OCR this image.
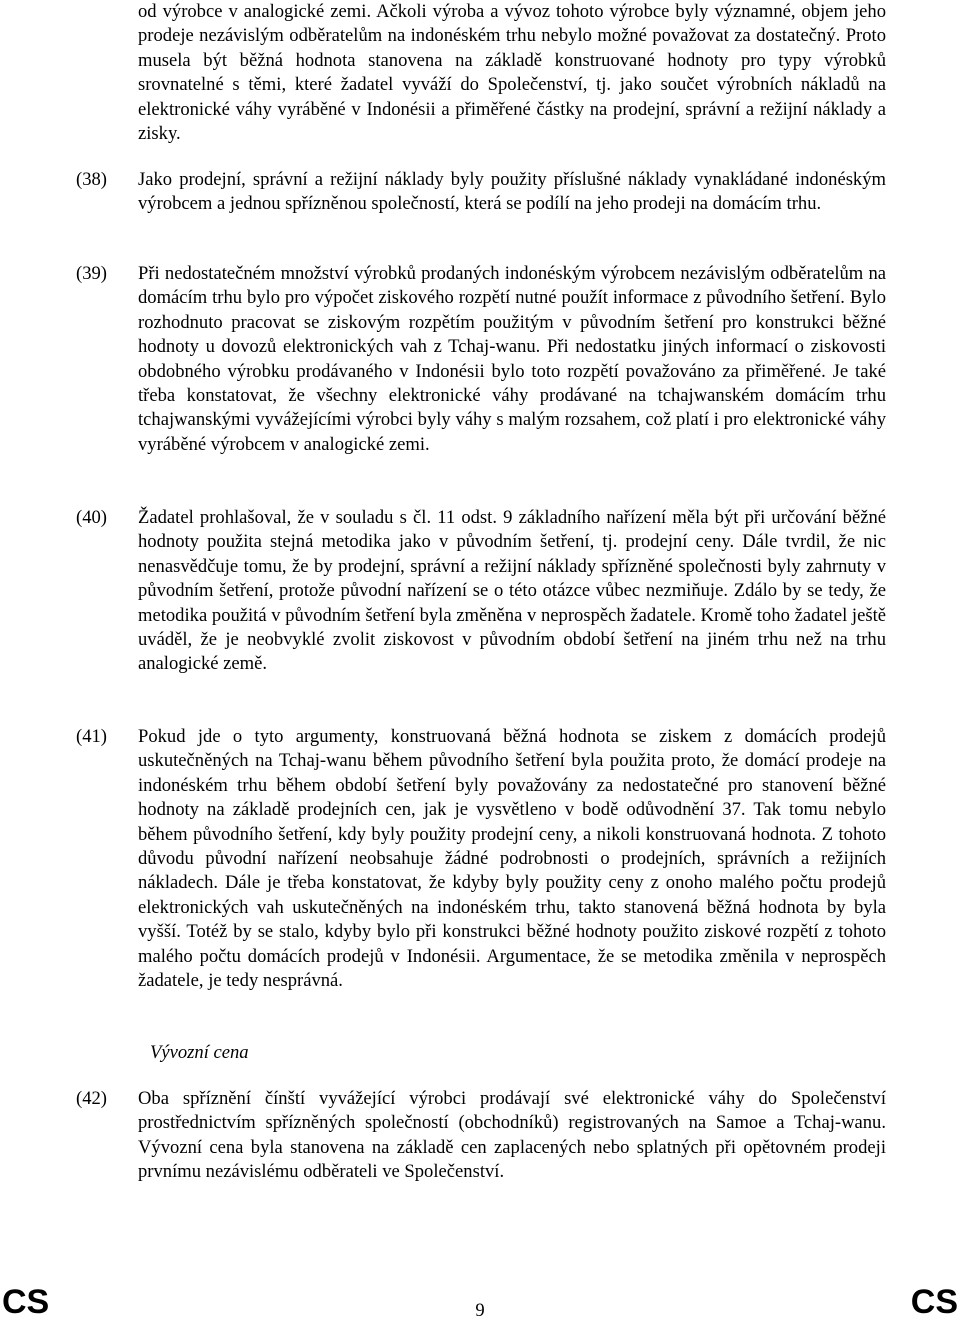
od výrobce v analogické zemi. Ačkoli výroba a vývoz tohoto výrobce byly významné, objem jeho prodeje nezávislým odběratelům na indonéském trhu nebylo možné považovat za dostatečný. Proto musela být běžná hodnota stanovena na základě konstruované hodnoty pro typy výrobků srovnatelné s těmi, které žadatel vyváží do Společenství, tj. jako součet výrobních nákladů na elektronické váhy vyráběné v Indonésii a přiměřené částky na prodejní, správní a režijní náklady a zisky.
(38)	Jako prodejní, správní a režijní náklady byly použity příslušné náklady vynakládané indonéským výrobcem a jednou spřízněnou společností, která se podílí na jeho prodeji na domácím trhu.
(39)	Při nedostatečném množství výrobků prodaných indonéským výrobcem nezávislým odběratelům na domácím trhu bylo pro výpočet ziskového rozpětí nutné použít informace z původního šetření. Bylo rozhodnuto pracovat se ziskovým rozpětím použitým v původním šetření pro konstrukci běžné hodnoty u dovozů elektronických vah z Tchaj-wanu. Při nedostatku jiných informací o ziskovosti obdobného výrobku prodávaného v Indonésii bylo toto rozpětí považováno za přiměřené. Je také třeba konstatovat, že všechny elektronické váhy prodávané na tchajwanském domácím trhu tchajwanskými vyvážejícími výrobci byly váhy s malým rozsahem, což platí i pro elektronické váhy vyráběné výrobcem v analogické zemi.
(40)	Žadatel prohlašoval, že v souladu s čl. 11 odst. 9 základního nařízení měla být při určování běžné hodnoty použita stejná metodika jako v původním šetření, tj. prodejní ceny. Dále tvrdil, že nic nenasvědčuje tomu, že by prodejní, správní a režijní náklady spřízněné společnosti byly zahrnuty v původním šetření, protože původní nařízení se o této otázce vůbec nezmiňuje. Zdálo by se tedy, že metodika použitá v původním šetření byla změněna v neprospěch žadatele. Kromě toho žadatel ještě uváděl, že je neobvyklé zvolit ziskovost v původním období šetření na jiném trhu než na trhu analogické země.
(41)	Pokud jde o tyto argumenty, konstruovaná běžná hodnota se ziskem z domácích prodejů uskutečněných na Tchaj-wanu během původního šetření byla použita proto, že domácí prodeje na indonéském trhu během období šetření byly považovány za nedostatečné pro stanovení běžné hodnoty na základě prodejních cen, jak je vysvětleno v bodě odůvodnění 37. Tak tomu nebylo během původního šetření, kdy byly použity prodejní ceny, a nikoli konstruovaná hodnota. Z tohoto důvodu původní nařízení neobsahuje žádné podrobnosti o prodejních, správních a režijních nákladech. Dále je třeba konstatovat, že kdyby byly použity ceny z onoho malého počtu prodejů elektronických vah uskutečněných na indonéském trhu, takto stanovená běžná hodnota by byla vyšší. Totéž by se stalo, kdyby bylo při konstrukci běžné hodnoty použito ziskové rozpětí z tohoto malého počtu domácích prodejů v Indonésii. Argumentace, že se metodika změnila v neprospěch žadatele, je tedy nesprávná.
Vývozní cena
(42)	Oba spříznění čínští vyvážející výrobci prodávají své elektronické váhy do Společenství prostřednictvím spřízněných společností (obchodníků) registrovaných na Samoe a Tchaj-wanu. Vývozní cena byla stanovena na základě cen zaplacených nebo splatných při opětovném prodeji prvnímu nezávislému odběrateli ve Společenství.
CS	9	CS
